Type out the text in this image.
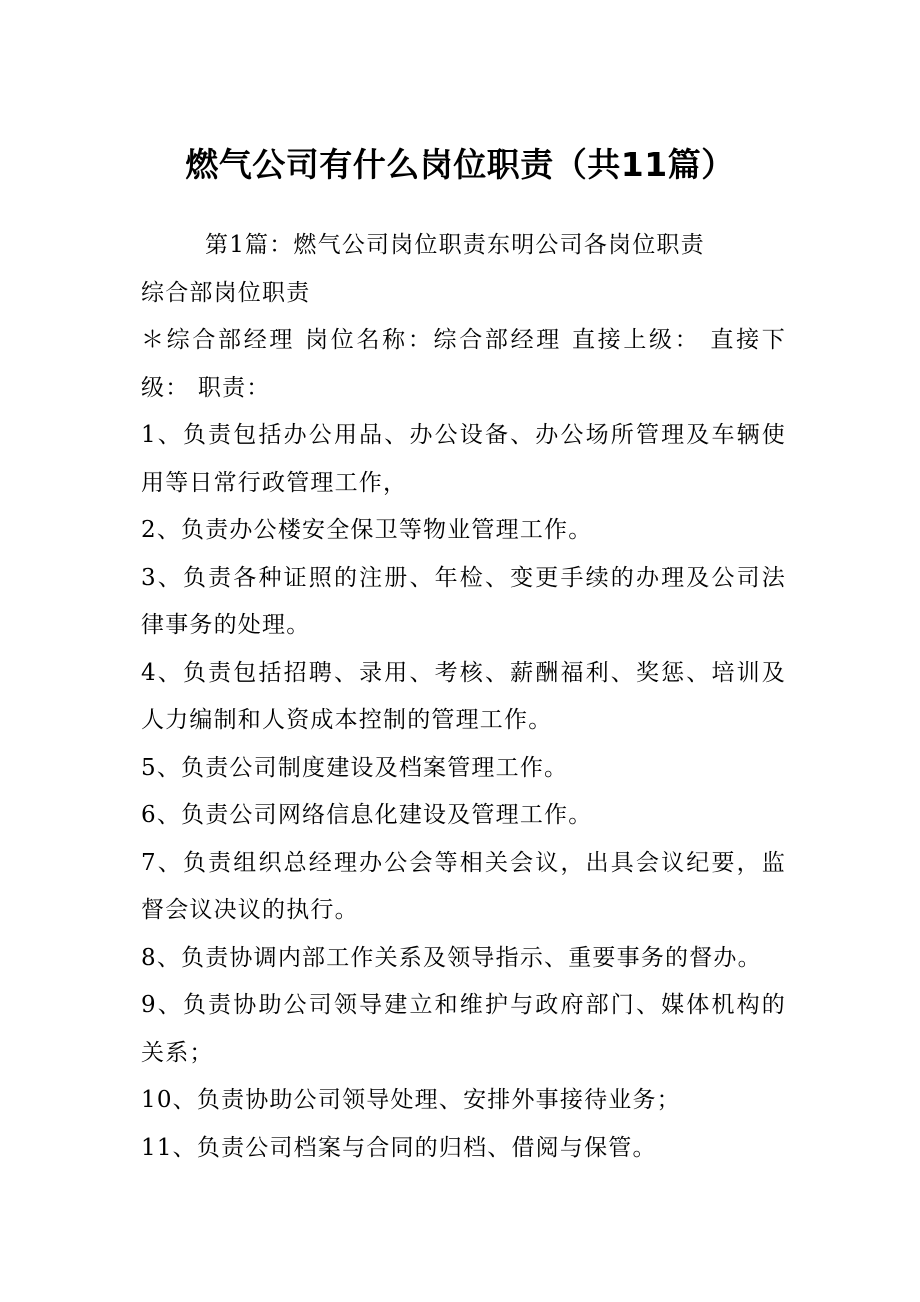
燃气公司有什么岗位职责（共11篇）

第1篇：燃气公司岗位职责东明公司各岗位职责

综合部岗位职责

＊综合部经理 岗位名称：综合部经理 直接上级： 直接下级： 职责：

1、负责包括办公用品、办公设备、办公场所管理及车辆使用等日常行政管理工作，

2、负责办公楼安全保卫等物业管理工作。

3、负责各种证照的注册、年检、变更手续的办理及公司法律事务的处理。

4、负责包括招聘、录用、考核、薪酬福利、奖惩、培训及人力编制和人资成本控制的管理工作。

5、负责公司制度建设及档案管理工作。

6、负责公司网络信息化建设及管理工作。

7、负责组织总经理办公会等相关会议，出具会议纪要，监督会议决议的执行。

8、负责协调内部工作关系及领导指示、重要事务的督办。

9、负责协助公司领导建立和维护与政府部门、媒体机构的关系；

10、负责协助公司领导处理、安排外事接待业务；

11、负责公司档案与合同的归档、借阅与保管。
